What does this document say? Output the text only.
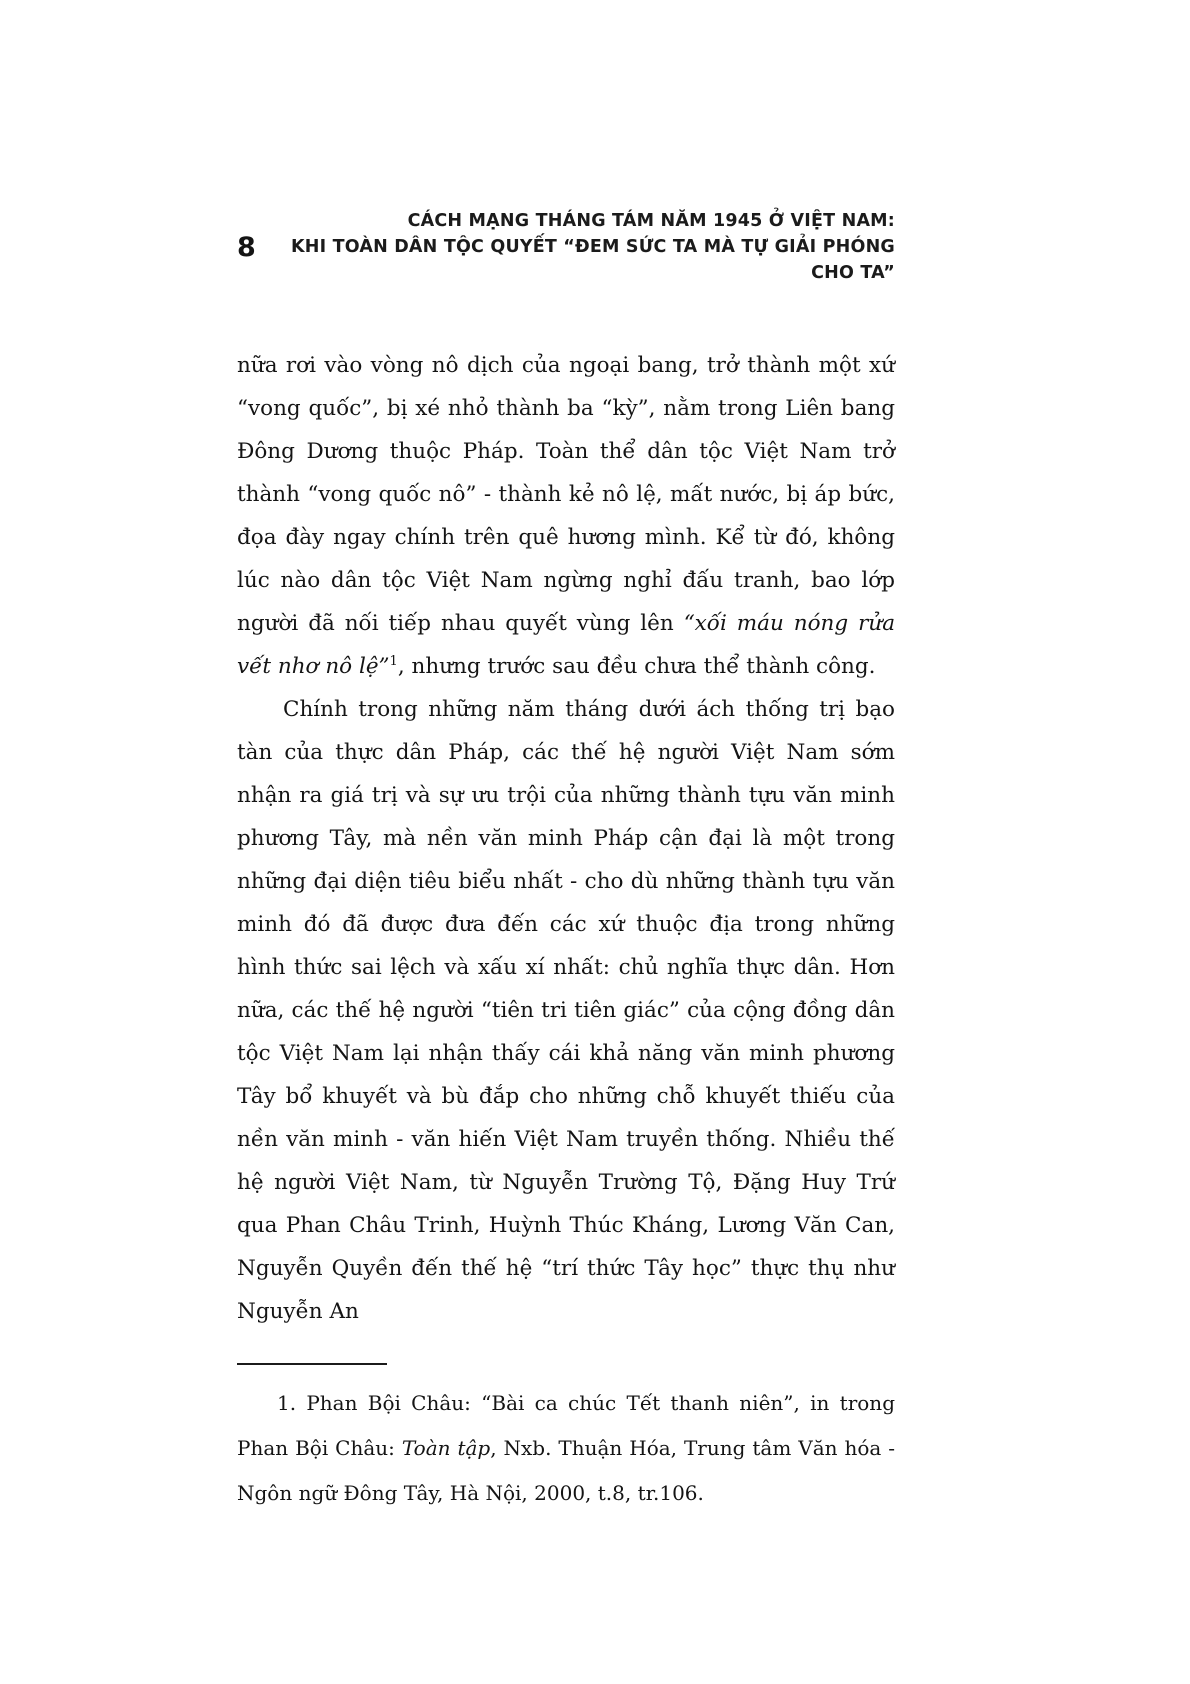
8
CÁCH MẠNG THÁNG TÁM NĂM 1945 Ở VIỆT NAM:
KHI TOÀN DÂN TỘC QUYẾT “ĐEM SỨC TA MÀ TỰ GIẢI PHÓNG CHO TA”

nữa rơi vào vòng nô dịch của ngoại bang, trở thành một xứ “vong quốc”, bị xé nhỏ thành ba “kỳ”, nằm trong Liên bang Đông Dương thuộc Pháp. Toàn thể dân tộc Việt Nam trở thành “vong quốc nô” - thành kẻ nô lệ, mất nước, bị áp bức, đọa đày ngay chính trên quê hương mình. Kể từ đó, không lúc nào dân tộc Việt Nam ngừng nghỉ đấu tranh, bao lớp người đã nối tiếp nhau quyết vùng lên “xối máu nóng rửa vết nhơ nô lệ”$^1$, nhưng trước sau đều chưa thể thành công.

Chính trong những năm tháng dưới ách thống trị bạo tàn của thực dân Pháp, các thế hệ người Việt Nam sớm nhận ra giá trị và sự ưu trội của những thành tựu văn minh phương Tây, mà nền văn minh Pháp cận đại là một trong những đại diện tiêu biểu nhất - cho dù những thành tựu văn minh đó đã được đưa đến các xứ thuộc địa trong những hình thức sai lệch và xấu xí nhất: chủ nghĩa thực dân. Hơn nữa, các thế hệ người “tiên tri tiên giác” của cộng đồng dân tộc Việt Nam lại nhận thấy cái khả năng văn minh phương Tây bổ khuyết và bù đắp cho những chỗ khuyết thiếu của nền văn minh - văn hiến Việt Nam truyền thống. Nhiều thế hệ người Việt Nam, từ Nguyễn Trường Tộ, Đặng Huy Trứ qua Phan Châu Trinh, Huỳnh Thúc Kháng, Lương Văn Can, Nguyễn Quyền đến thế hệ “trí thức Tây học” thực thụ như Nguyễn An

1. Phan Bội Châu: “Bài ca chúc Tết thanh niên”, in trong Phan Bội Châu: Toàn tập, Nxb. Thuận Hóa, Trung tâm Văn hóa - Ngôn ngữ Đông Tây, Hà Nội, 2000, t.8, tr.106.
